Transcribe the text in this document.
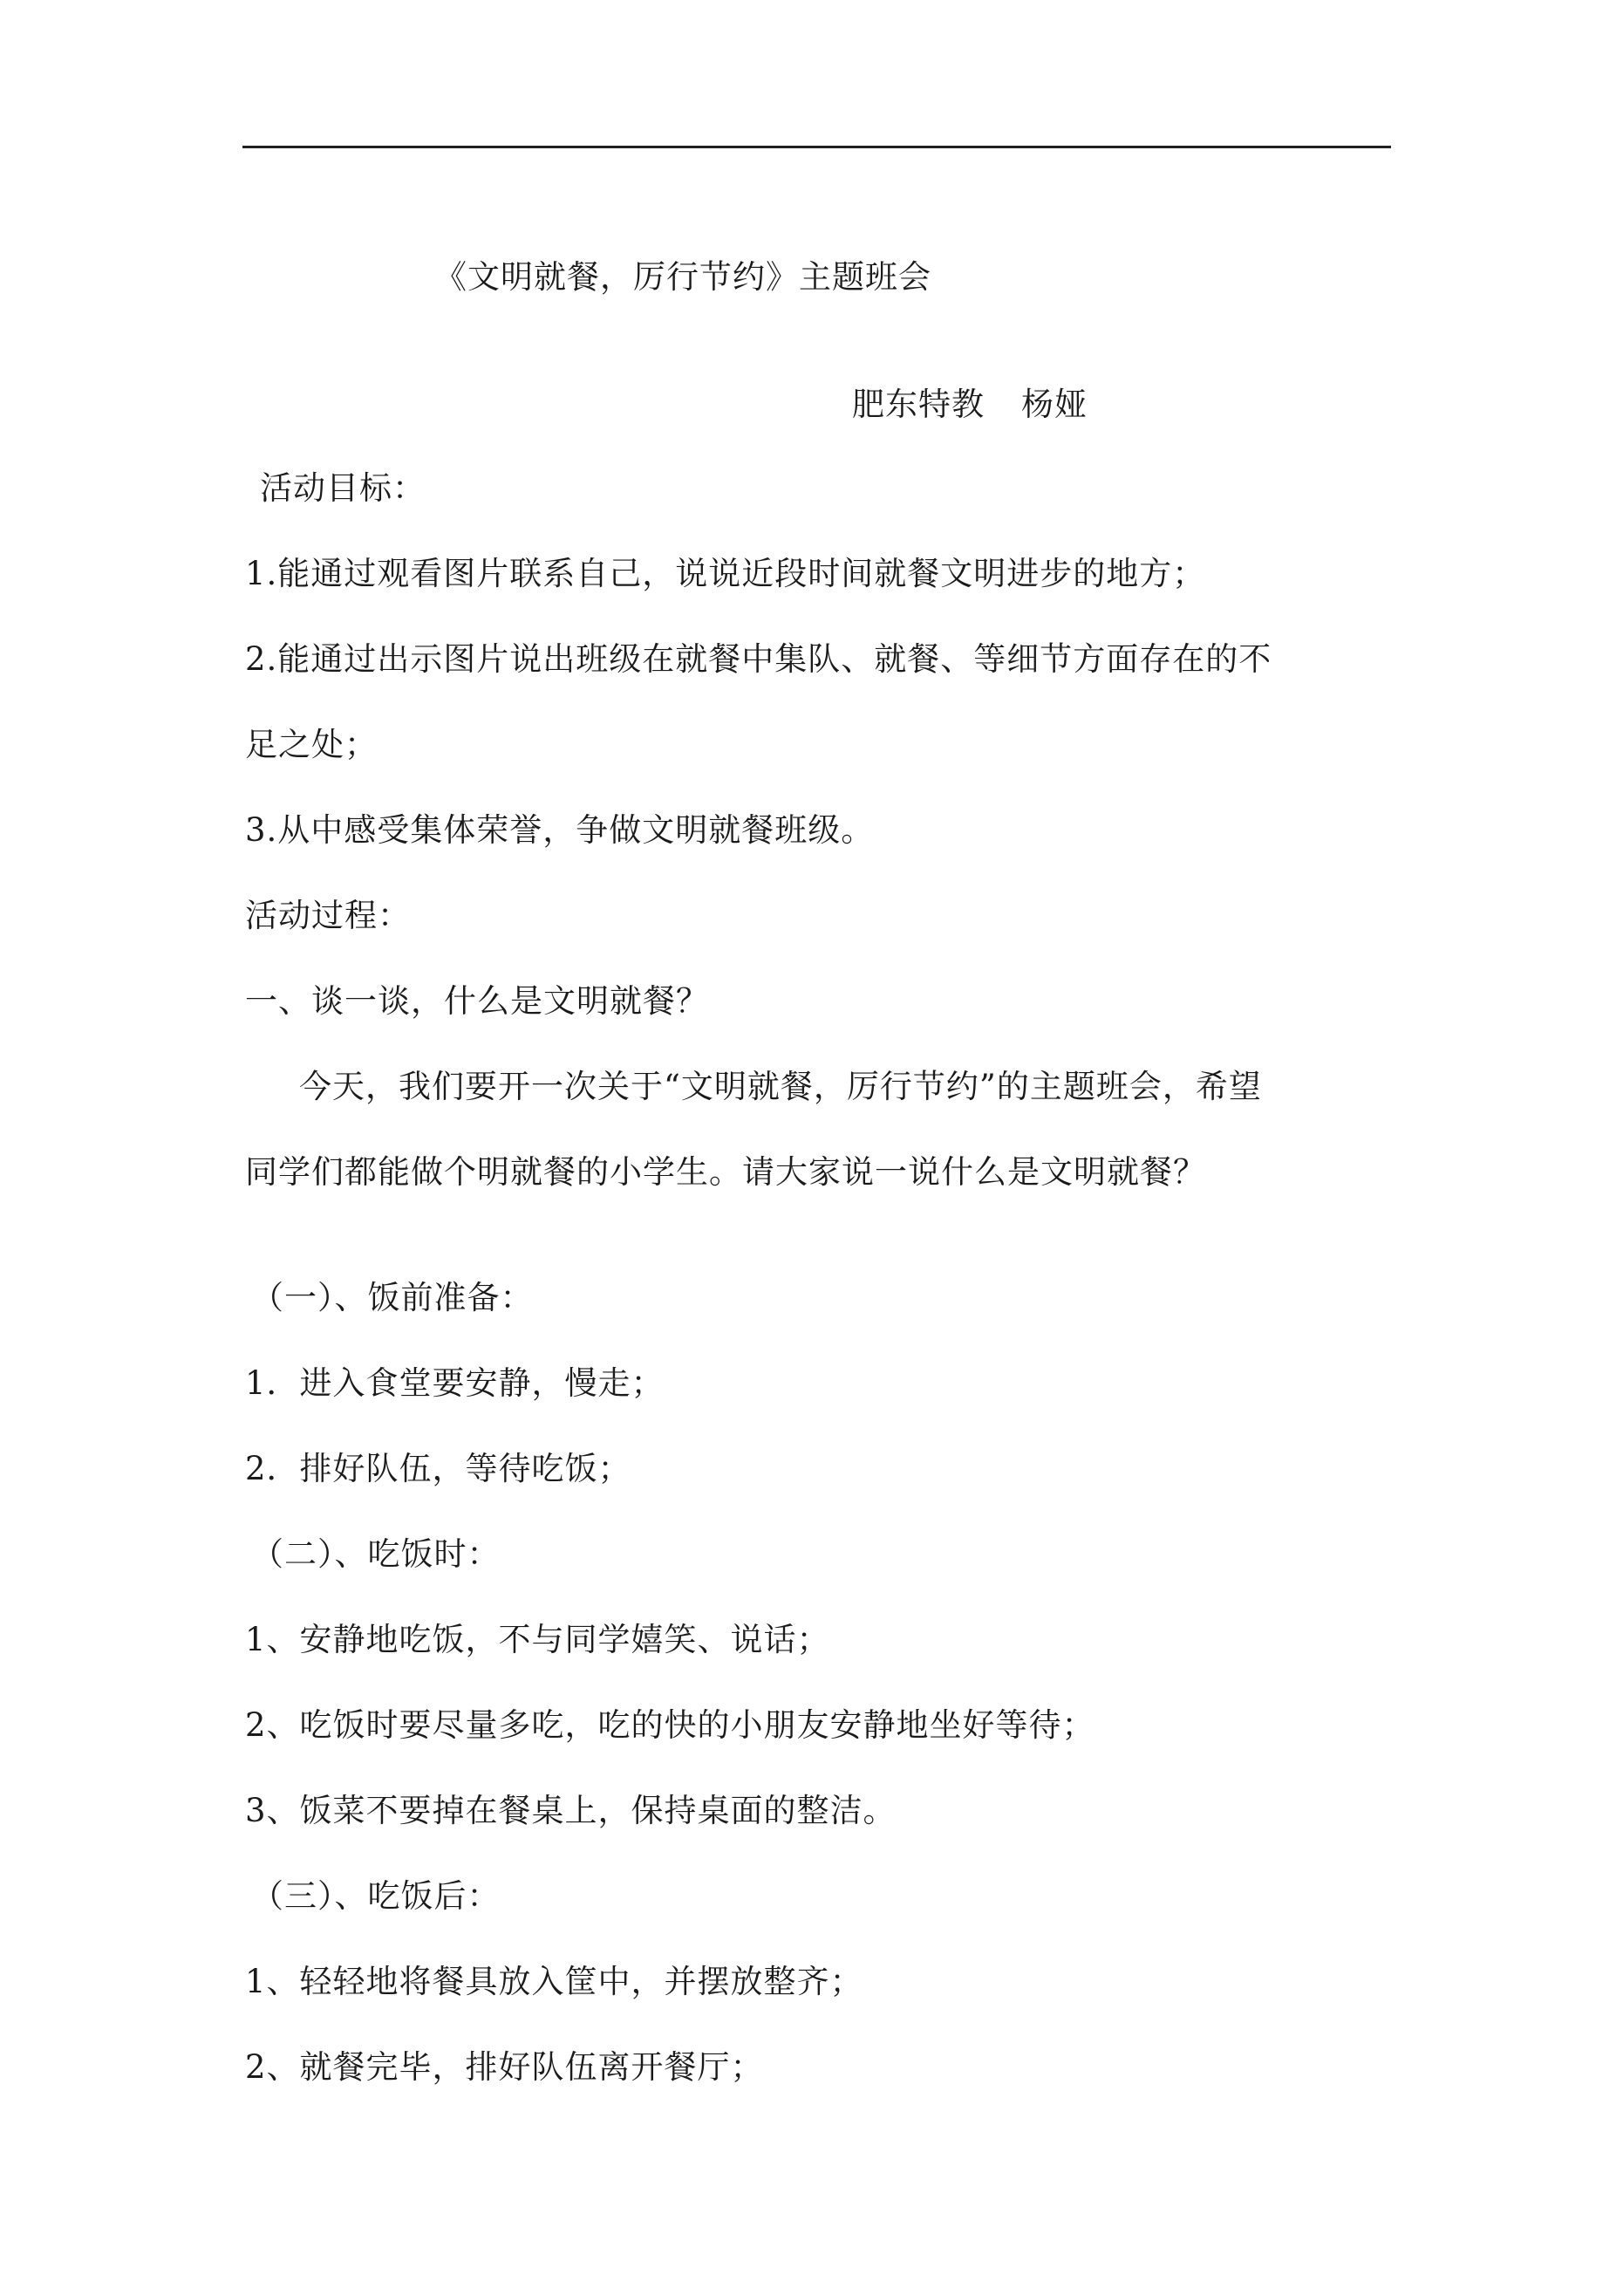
《文明就餐，厉行节约》主题班会
肥东特教 杨娅
活动目标：
1.能通过观看图片联系自己，说说近段时间就餐文明进步的地方；
2.能通过出示图片说出班级在就餐中集队、就餐、等细节方面存在的不
足之处；
3.从中感受集体荣誉，争做文明就餐班级。
活动过程：
一、谈一谈，什么是文明就餐？
今天，我们要开一次关于“文明就餐，厉行节约”的主题班会，希望
同学们都能做个明就餐的小学生。请大家说一说什么是文明就餐？
（一）、饭前准备：
1．进入食堂要安静，慢走；
2．排好队伍，等待吃饭；
（二）、吃饭时：
1、安静地吃饭，不与同学嬉笑、说话；
2、吃饭时要尽量多吃，吃的快的小朋友安静地坐好等待；
3、饭菜不要掉在餐桌上，保持桌面的整洁。
（三）、吃饭后：
1、轻轻地将餐具放入筐中，并摆放整齐；
2、就餐完毕，排好队伍离开餐厅；
